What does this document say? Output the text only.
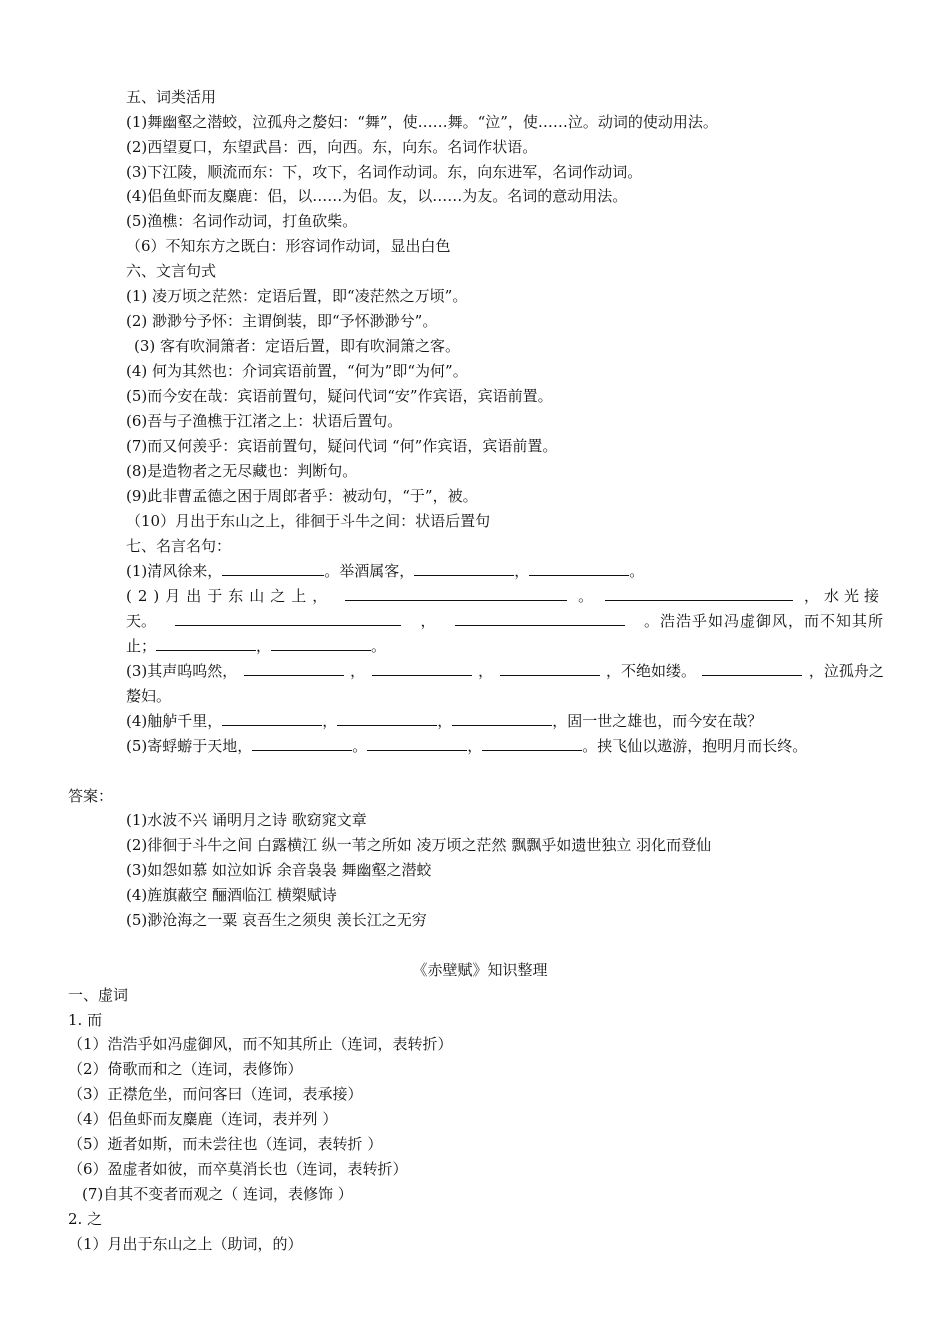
五、词类活用
(1)舞幽壑之潜蛟，泣孤舟之嫠妇：“舞”，使……舞。“泣”，使……泣。动词的使动用法。
(2)西望夏口，东望武昌：西，向西。东，向东。名词作状语。
(3)下江陵，顺流而东：下，攻下，名词作动词。东，向东进军，名词作动词。
(4)侣鱼虾而友麋鹿：侣，以……为侣。友，以……为友。名词的意动用法。
(5)渔樵：名词作动词，打鱼砍柴。
（6）不知东方之既白：形容词作动词，显出白色
六、文言句式
(1) 凌万顷之茫然：定语后置，即“凌茫然之万顷”。
(2) 渺渺兮予怀：主谓倒装，即“予怀渺渺兮”。
(3) 客有吹洞箫者：定语后置，即有吹洞箫之客。
(4) 何为其然也：介词宾语前置，“何为”即“为何”。
(5)而今安在哉：宾语前置句，疑问代词“安”作宾语，宾语前置。
(6)吾与子渔樵于江渚之上：状语后置句。
(7)而又何羡乎：宾语前置句，疑问代词 “何”作宾语，宾语前置。
(8)是造物者之无尽藏也：判断句。
(9)此非曹孟德之困于周郎者乎：被动句，“于”，被。
（10）月出于东山之上，徘徊于斗牛之间：状语后置句
七、名言名句：
(1)清风徐来，	。举酒属客，	，	。
(2)月出于东山之上，	。	，水光接
天。	，	。浩浩乎如冯虚御风，而不知其所
止；	，	。
(3)其声呜呜然，	，	，	，不绝如缕。	，泣孤舟之
嫠妇。
(4)舳舻千里，	，	，	，固一世之雄也，而今安在哉？
(5)寄蜉蝣于天地，	。	，	。挟飞仙以遨游，抱明月而长终。
答案：
(1)水波不兴 诵明月之诗 歌窈窕文章
(2)徘徊于斗牛之间 白露横江 纵一苇之所如 凌万顷之茫然 飘飘乎如遗世独立 羽化而登仙
(3)如怨如慕 如泣如诉 余音袅袅 舞幽壑之潜蛟
(4)旌旗蔽空 酾酒临江 横槊赋诗
(5)渺沧海之一粟 哀吾生之须臾 羡长江之无穷
《赤壁赋》知识整理
一、虚词
1. 而
（1）浩浩乎如冯虚御风，而不知其所止（连词，表转折）
（2）倚歌而和之（连词，表修饰）
（3）正襟危坐，而问客曰（连词，表承接）
（4）侣鱼虾而友麋鹿（连词，表并列 ）
（5）逝者如斯，而未尝往也（连词，表转折 ）
（6）盈虚者如彼，而卒莫消长也（连词，表转折）
(7)自其不变者而观之（ 连词，表修饰 ）
2. 之
（1）月出于东山之上（助词，的）
